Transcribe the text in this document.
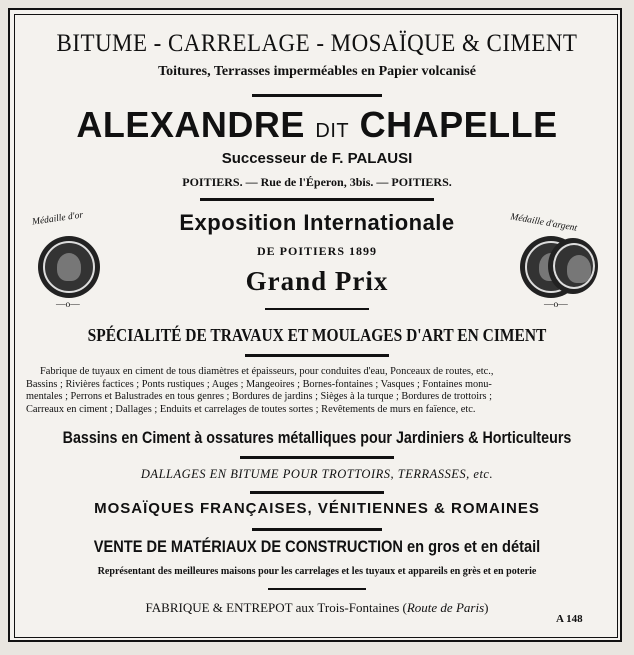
BITUME - CARRELAGE - MOSAÏQUE & CIMENT
Toitures, Terrasses imperméables en Papier volcanisé
ALEXANDRE DIT CHAPELLE
Successeur de F. PALAUSI
POITIERS. — Rue de l'Éperon, 3bis. — POITIERS.
Médaille d'or
—o—
Médaille d'argent
—o—
Exposition Internationale
DE POITIERS 1899
Grand Prix
SPÉCIALITÉ DE TRAVAUX ET MOULAGES D'ART EN CIMENT
Fabrique de tuyaux en ciment de tous diamètres et épaisseurs, pour conduites d'eau, Ponceaux de routes, etc.,
Bassins ; Rivières factices ; Ponts rustiques ; Auges ; Mangeoires ; Bornes-fontaines ; Vasques ; Fontaines monu-
mentales ; Perrons et Balustrades en tous genres ; Bordures de jardins ; Sièges à la turque ; Bordures de trottoirs ;
Carreaux en ciment ; Dallages ; Enduits et carrelages de toutes sortes ; Revêtements de murs en faïence, etc.
Bassins en Ciment à ossatures métalliques pour Jardiniers & Horticulteurs
DALLAGES EN BITUME POUR TROTTOIRS, TERRASSES, etc.
MOSAÏQUES FRANÇAISES, VÉNITIENNES & ROMAINES
VENTE DE MATÉRIAUX DE CONSTRUCTION en gros et en détail
Représentant des meilleures maisons pour les carrelages et les tuyaux et appareils en grès et en poterie
FABRIQUE & ENTREPOT aux Trois-Fontaines (Route de Paris)
A 148
